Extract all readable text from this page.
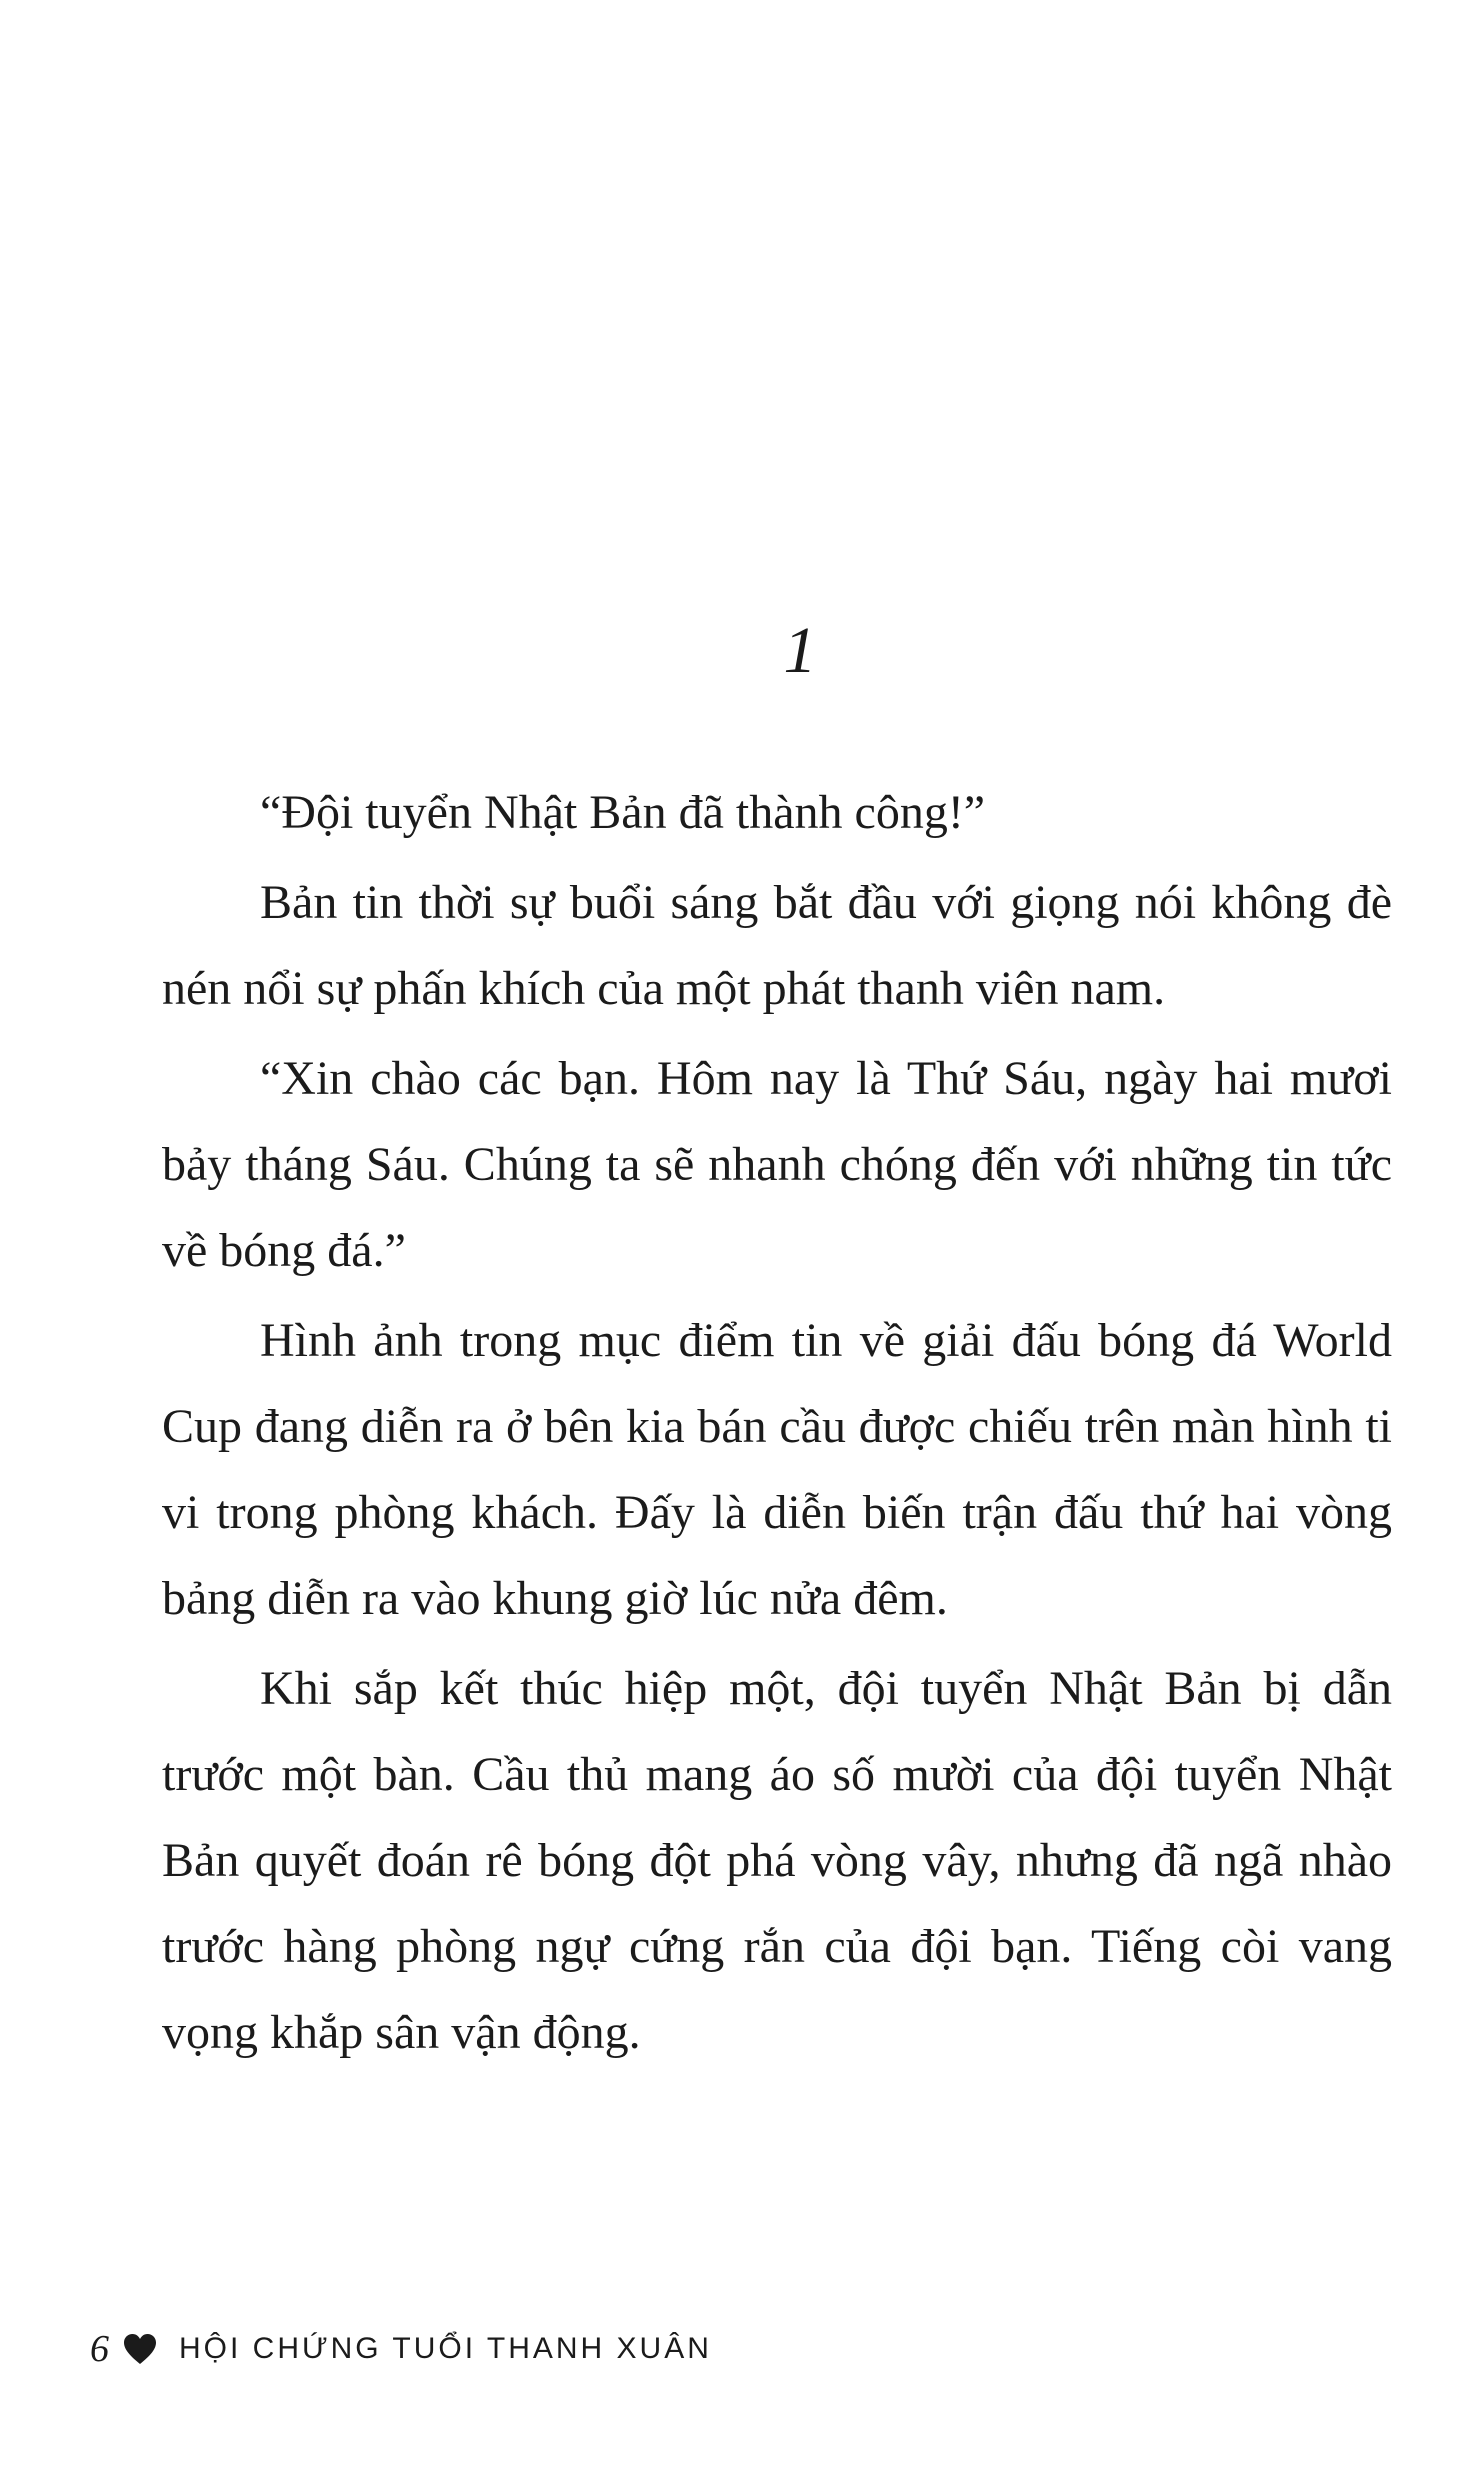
1

“Đội tuyển Nhật Bản đã thành công!”

Bản tin thời sự buổi sáng bắt đầu với giọng nói không đè nén nổi sự phấn khích của một phát thanh viên nam.

“Xin chào các bạn. Hôm nay là Thứ Sáu, ngày hai mươi bảy tháng Sáu. Chúng ta sẽ nhanh chóng đến với những tin tức về bóng đá.”

Hình ảnh trong mục điểm tin về giải đấu bóng đá World Cup đang diễn ra ở bên kia bán cầu được chiếu trên màn hình ti vi trong phòng khách. Đấy là diễn biến trận đấu thứ hai vòng bảng diễn ra vào khung giờ lúc nửa đêm.

Khi sắp kết thúc hiệp một, đội tuyển Nhật Bản bị dẫn trước một bàn. Cầu thủ mang áo số mười của đội tuyển Nhật Bản quyết đoán rê bóng đột phá vòng vây, nhưng đã ngã nhào trước hàng phòng ngự cứng rắn của đội bạn. Tiếng còi vang vọng khắp sân vận động.

6 HỘI CHỨNG TUỔI THANH XUÂN
